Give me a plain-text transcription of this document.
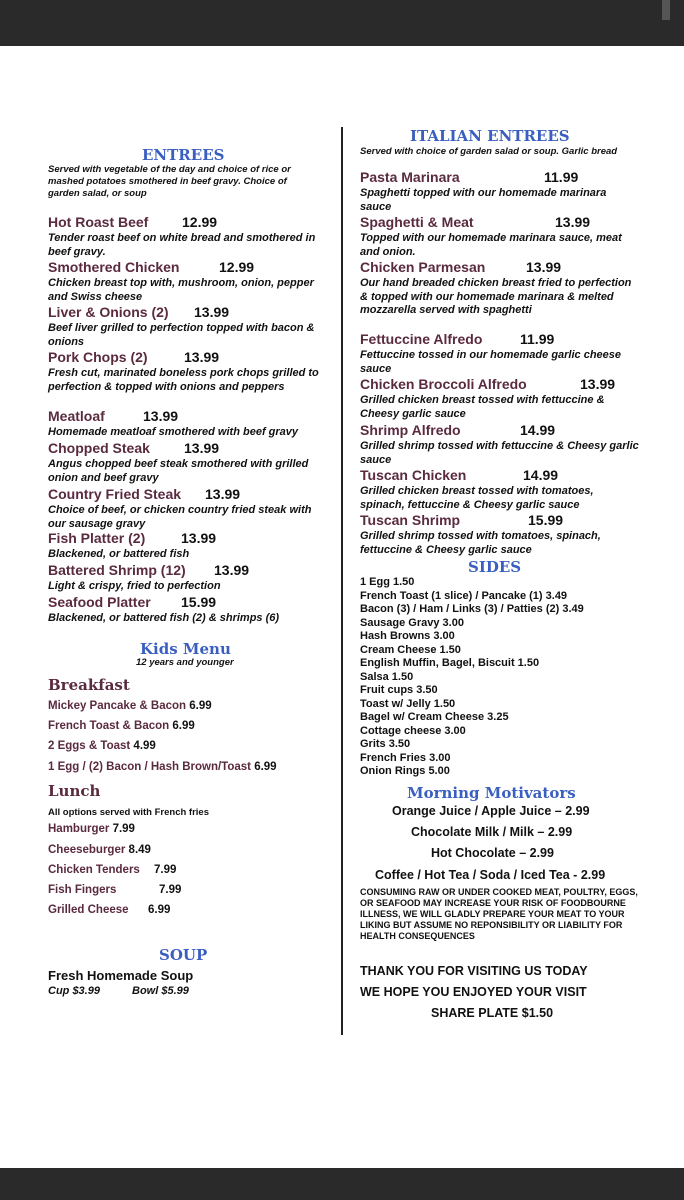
ENTREES
Served with vegetable of the day and choice of rice or mashed potatoes smothered in beef gravy. Choice of garden salad, or soup
Hot Roast Beef 12.99
Tender roast beef on white bread and smothered in beef gravy.
Smothered Chicken	12.99
Chicken breast top with, mushroom, onion, pepper and Swiss cheese
Liver & Onions (2) 13.99
Beef liver grilled to perfection topped with bacon & onions
Pork Chops (2)	13.99
Fresh cut, marinated boneless pork chops grilled to perfection & topped with onions and peppers
Meatloaf	13.99
Homemade meatloaf smothered with beef gravy
Chopped Steak 13.99
Angus chopped beef steak smothered with grilled onion and beef gravy
Country Fried Steak 13.99
Choice of beef, or chicken country fried steak with our sausage gravy
Fish Platter (2)	13.99
Blackened, or battered fish
Battered Shrimp (12) 13.99
Light & crispy, fried to perfection
Seafood Platter 15.99
Blackened, or battered fish (2) & shrimps (6)
Kids Menu
12 years and younger
Breakfast
Mickey Pancake & Bacon 6.99
French Toast & Bacon 6.99
2 Eggs & Toast 4.99
1 Egg / (2) Bacon / Hash Brown/Toast 6.99
Lunch
All options served with French fries
Hamburger 7.99
Cheeseburger 8.49
Chicken Tenders 7.99
Fish Fingers	7.99
Grilled Cheese 6.99
SOUP
Fresh Homemade Soup
Cup $3.99	Bowl $5.99
ITALIAN ENTREES
Served with choice of garden salad or soup. Garlic bread
Pasta Marinara	11.99
Spaghetti topped with our homemade marinara sauce
Spaghetti & Meat	13.99
Topped with our homemade marinara sauce, meat and onion.
Chicken Parmesan	13.99
Our hand breaded chicken breast fried to perfection & topped with our homemade marinara & melted mozzarella served with spaghetti
Fettuccine Alfredo	11.99
Fettuccine tossed in our homemade garlic cheese sauce
Chicken Broccoli Alfredo	13.99
Grilled chicken breast tossed with fettuccine & Cheesy garlic sauce
Shrimp Alfredo	14.99
Grilled shrimp tossed with fettuccine & Cheesy garlic sauce
Tuscan Chicken	14.99
Grilled chicken breast tossed with tomatoes, spinach, fettuccine & Cheesy garlic sauce
Tuscan Shrimp	15.99
Grilled shrimp tossed with tomatoes, spinach, fettuccine & Cheesy garlic sauce
SIDES
1 Egg 1.50
French Toast (1 slice) / Pancake (1) 3.49
Bacon (3) / Ham / Links (3) / Patties (2) 3.49
Sausage Gravy 3.00
Hash Browns 3.00
Cream Cheese 1.50
English Muffin, Bagel, Biscuit 1.50
Salsa 1.50
Fruit cups 3.50
Toast w/ Jelly 1.50
Bagel w/ Cream Cheese 3.25
Cottage cheese 3.00
Grits 3.50
French Fries 3.00
Onion Rings 5.00
Morning Motivators
Orange Juice / Apple Juice – 2.99
Chocolate Milk / Milk – 2.99
Hot Chocolate – 2.99
Coffee / Hot Tea / Soda / Iced Tea - 2.99
CONSUMING RAW OR UNDER COOKED MEAT, POULTRY, EGGS, OR SEAFOOD MAY INCREASE YOUR RISK OF FOODBOURNE ILLNESS, WE WILL GLADLY PREPARE YOUR MEAT TO YOUR LIKING BUT ASSUME NO REPONSIBILITY OR LIABILITY FOR HEALTH CONSEQUENCES
THANK YOU FOR VISITING US TODAY
WE HOPE YOU ENJOYED YOUR VISIT
SHARE PLATE $1.50
